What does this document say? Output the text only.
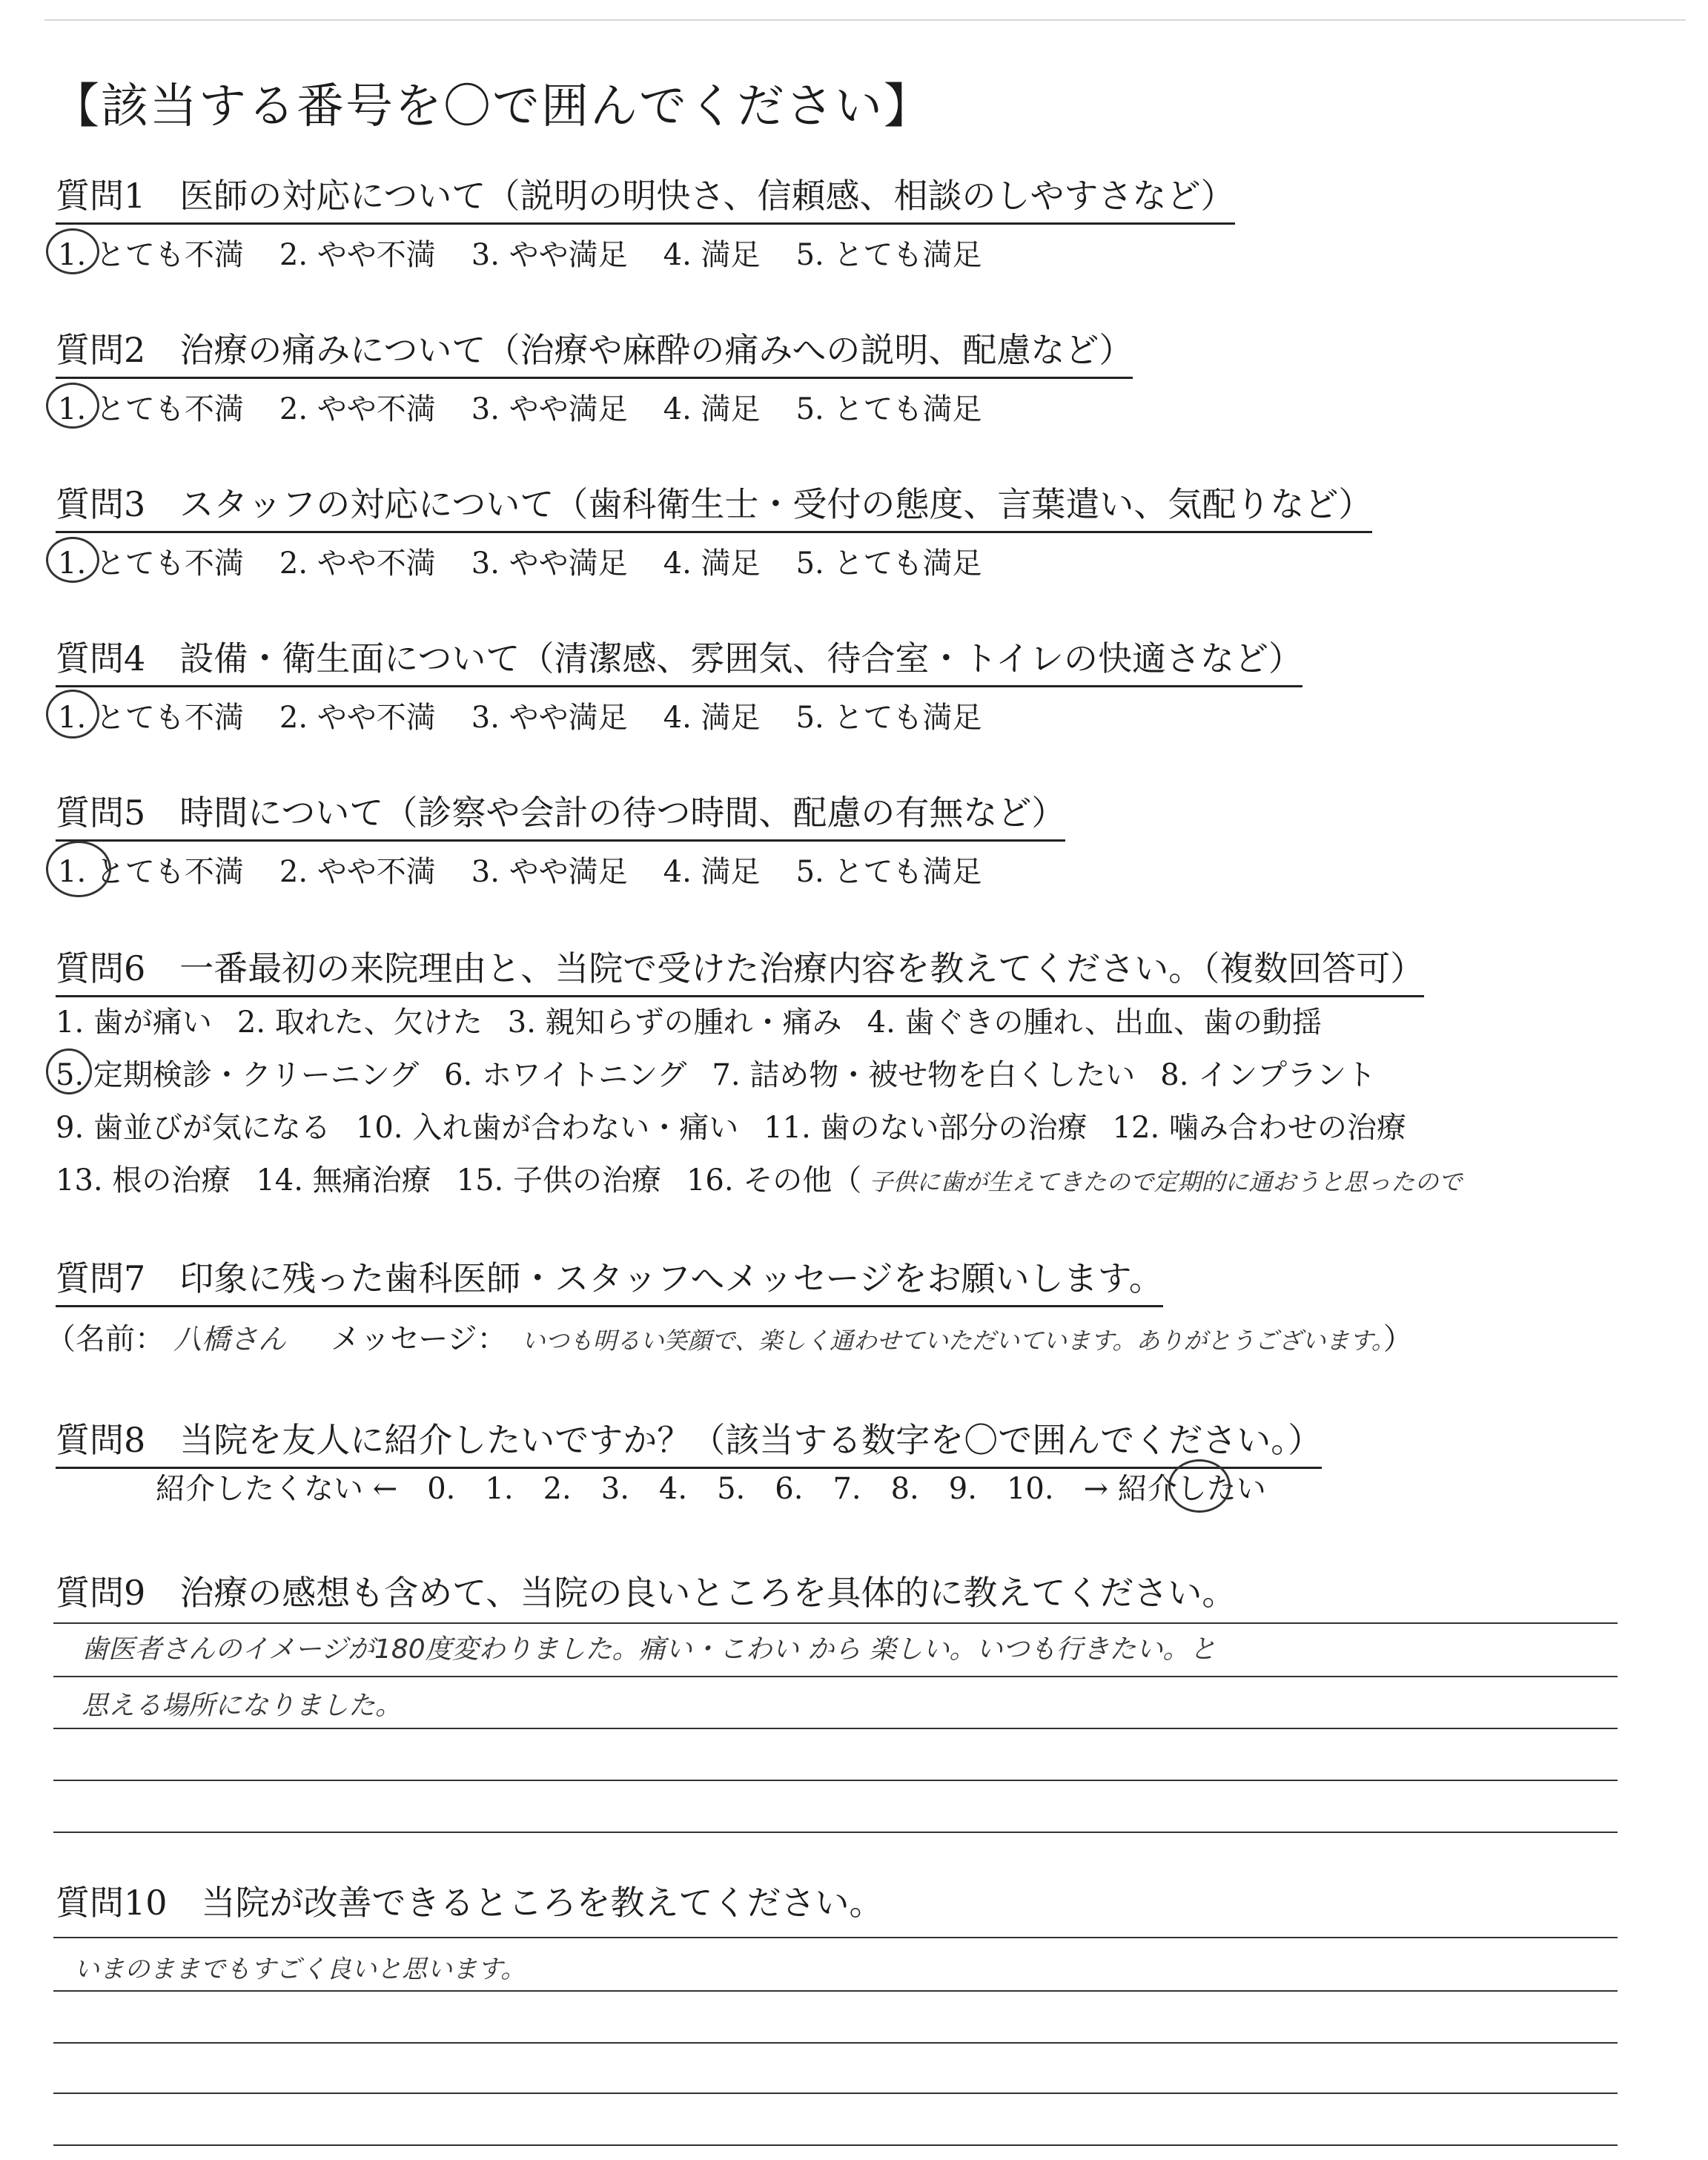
【該当する番号を〇で囲んでください】
質問1　医師の対応について（説明の明快さ、信頼感、相談のしやすさなど）
1. とても不満 2. やや不満 3. やや満足 4. 満足 5. とても満足
質問2　治療の痛みについて（治療や麻酔の痛みへの説明、配慮など）
1. とても不満 2. やや不満 3. やや満足 4. 満足 5. とても満足
質問3　スタッフの対応について（歯科衛生士・受付の態度、言葉遣い、気配りなど）
1. とても不満 2. やや不満 3. やや満足 4. 満足 5. とても満足
質問4　設備・衛生面について（清潔感、雰囲気、待合室・トイレの快適さなど）
1. とても不満 2. やや不満 3. やや満足 4. 満足 5. とても満足
質問5　時間について（診察や会計の待つ時間、配慮の有無など）
1. とても不満 2. やや不満 3. やや満足 4. 満足 5. とても満足
質問6　一番最初の来院理由と、当院で受けた治療内容を教えてください。（複数回答可）
1. 歯が痛い 2. 取れた、欠けた 3. 親知らずの腫れ・痛み 4. 歯ぐきの腫れ、出血、歯の動揺
5. 定期検診・クリーニング 6. ホワイトニング 7. 詰め物・被せ物を白くしたい 8. インプラント
9. 歯並びが気になる 10. 入れ歯が合わない・痛い 11. 歯のない部分の治療 12. 噛み合わせの治療
13. 根の治療 14. 無痛治療 15. 子供の治療 16. その他（ 子供に歯が生えてきたので定期的に通おうと思ったので
質問7　印象に残った歯科医師・スタッフへメッセージをお願いします。
（名前： 八橋さん メッセージ： いつも明るい笑顔で、楽しく通わせていただいています。ありがとうございます。）
質問8　当院を友人に紹介したいですか？（該当する数字を〇で囲んでください。）
紹介したくない ← 0. 1. 2. 3. 4. 5. 6. 7. 8. 9. 10. → 紹介したい
質問9　治療の感想も含めて、当院の良いところを具体的に教えてください。
歯医者さんのイメージが180度変わりました。痛い・こわい から 楽しい。いつも行きたい。と
思える場所になりました。
質問10　当院が改善できるところを教えてください。
いまのままでもすごく良いと思います。
